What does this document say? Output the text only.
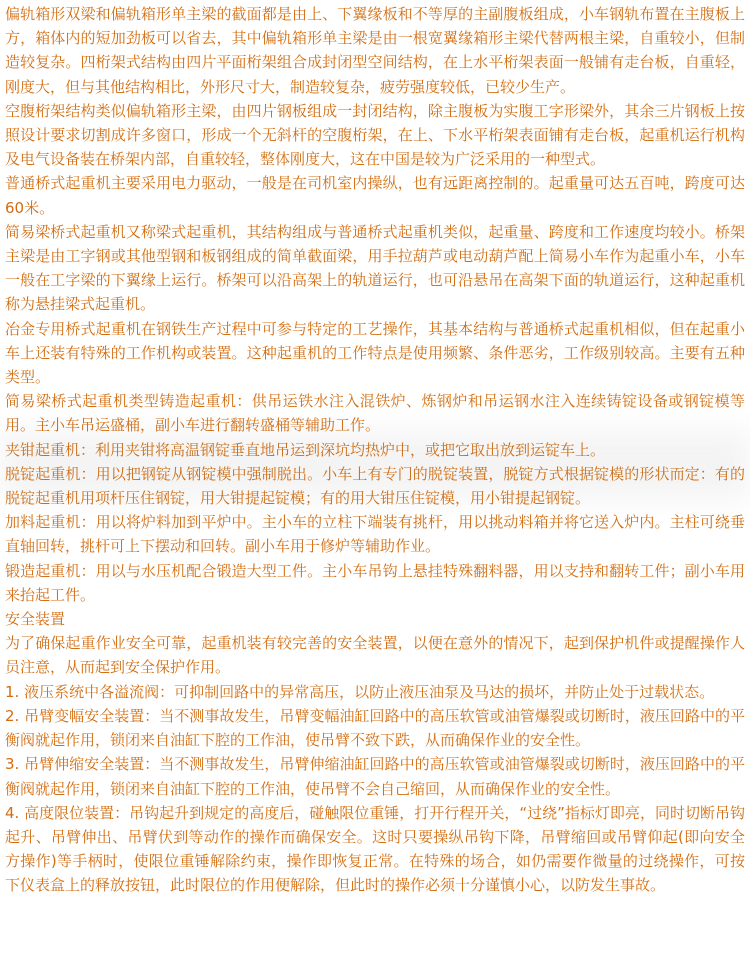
偏轨箱形双梁和偏轨箱形单主梁的截面都是由上、下翼缘板和不等厚的主副腹板组成，小车钢轨布置在主腹板上方，箱体内的短加劲板可以省去，其中偏轨箱形单主梁是由一根宽翼缘箱形主梁代替两根主梁，自重较小，但制造较复杂。四桁架式结构由四片平面桁架组合成封闭型空间结构，在上水平桁架表面一般铺有走台板，自重轻，刚度大，但与其他结构相比，外形尺寸大，制造较复杂，疲劳强度较低，已较少生产。

空腹桁架结构类似偏轨箱形主梁，由四片钢板组成一封闭结构，除主腹板为实腹工字形梁外，其余三片钢板上按照设计要求切割成许多窗口，形成一个无斜杆的空腹桁架，在上、下水平桁架表面铺有走台板，起重机运行机构及电气设备装在桥架内部，自重较轻，整体刚度大，这在中国是较为广泛采用的一种型式。

普通桥式起重机主要采用电力驱动，一般是在司机室内操纵，也有远距离控制的。起重量可达五百吨，跨度可达60米。

简易梁桥式起重机又称梁式起重机，其结构组成与普通桥式起重机类似，起重量、跨度和工作速度均较小。桥架主梁是由工字钢或其他型钢和板钢组成的简单截面梁，用手拉葫芦或电动葫芦配上简易小车作为起重小车，小车一般在工字梁的下翼缘上运行。桥架可以沿高架上的轨道运行，也可沿悬吊在高架下面的轨道运行，这种起重机称为悬挂梁式起重机。

冶金专用桥式起重机在钢铁生产过程中可参与特定的工艺操作，其基本结构与普通桥式起重机相似，但在起重小车上还装有特殊的工作机构或装置。这种起重机的工作特点是使用频繁、条件恶劣，工作级别较高。主要有五种类型。

简易梁桥式起重机类型铸造起重机：供吊运铁水注入混铁炉、炼钢炉和吊运钢水注入连续铸锭设备或钢锭模等用。主小车吊运盛桶，副小车进行翻转盛桶等辅助工作。

夹钳起重机：利用夹钳将高温钢锭垂直地吊运到深坑均热炉中，或把它取出放到运锭车上。

脱锭起重机：用以把钢锭从钢锭模中强制脱出。小车上有专门的脱锭装置，脱锭方式根据锭模的形状而定：有的脱锭起重机用项杆压住钢锭，用大钳提起锭模；有的用大钳压住锭模，用小钳提起钢锭。

加料起重机：用以将炉料加到平炉中。主小车的立柱下端装有挑杆，用以挑动料箱并将它送入炉内。主柱可绕垂直轴回转，挑杆可上下摆动和回转。副小车用于修炉等辅助作业。

锻造起重机：用以与水压机配合锻造大型工件。主小车吊钩上悬挂特殊翻料器，用以支持和翻转工件；副小车用来抬起工件。

安全装置

为了确保起重作业安全可靠，起重机装有较完善的安全装置，以便在意外的情况下，起到保护机件或提醒操作人员注意，从而起到安全保护作用。

1. 液压系统中各溢流阀：可抑制回路中的异常高压，以防止液压油泵及马达的损坏，并防止处于过载状态。

2. 吊臂变幅安全装置：当不测事故发生，吊臂变幅油缸回路中的高压软管或油管爆裂或切断时，液压回路中的平衡阀就起作用，锁闭来自油缸下腔的工作油，使吊臂不致下跌，从而确保作业的安全性。

3. 吊臂伸缩安全装置：当不测事故发生，吊臂伸缩油缸回路中的高压软管或油管爆裂或切断时，液压回路中的平衡阀就起作用，锁闭来自油缸下腔的工作油，使吊臂不会自己缩回，从而确保作业的安全性。

4. 高度限位装置：吊钩起升到规定的高度后，碰触限位重锤，打开行程开关，“过绕”指标灯即亮，同时切断吊钩起升、吊臂伸出、吊臂伏到等动作的操作而确保安全。这时只要操纵吊钩下降，吊臂缩回或吊臂仰起(即向安全方操作)等手柄时，使限位重锤解除约束，操作即恢复正常。在特殊的场合，如仍需要作微量的过绕操作，可按下仪表盒上的释放按钮，此时限位的作用便解除，但此时的操作必须十分谨慎小心，以防发生事故。
